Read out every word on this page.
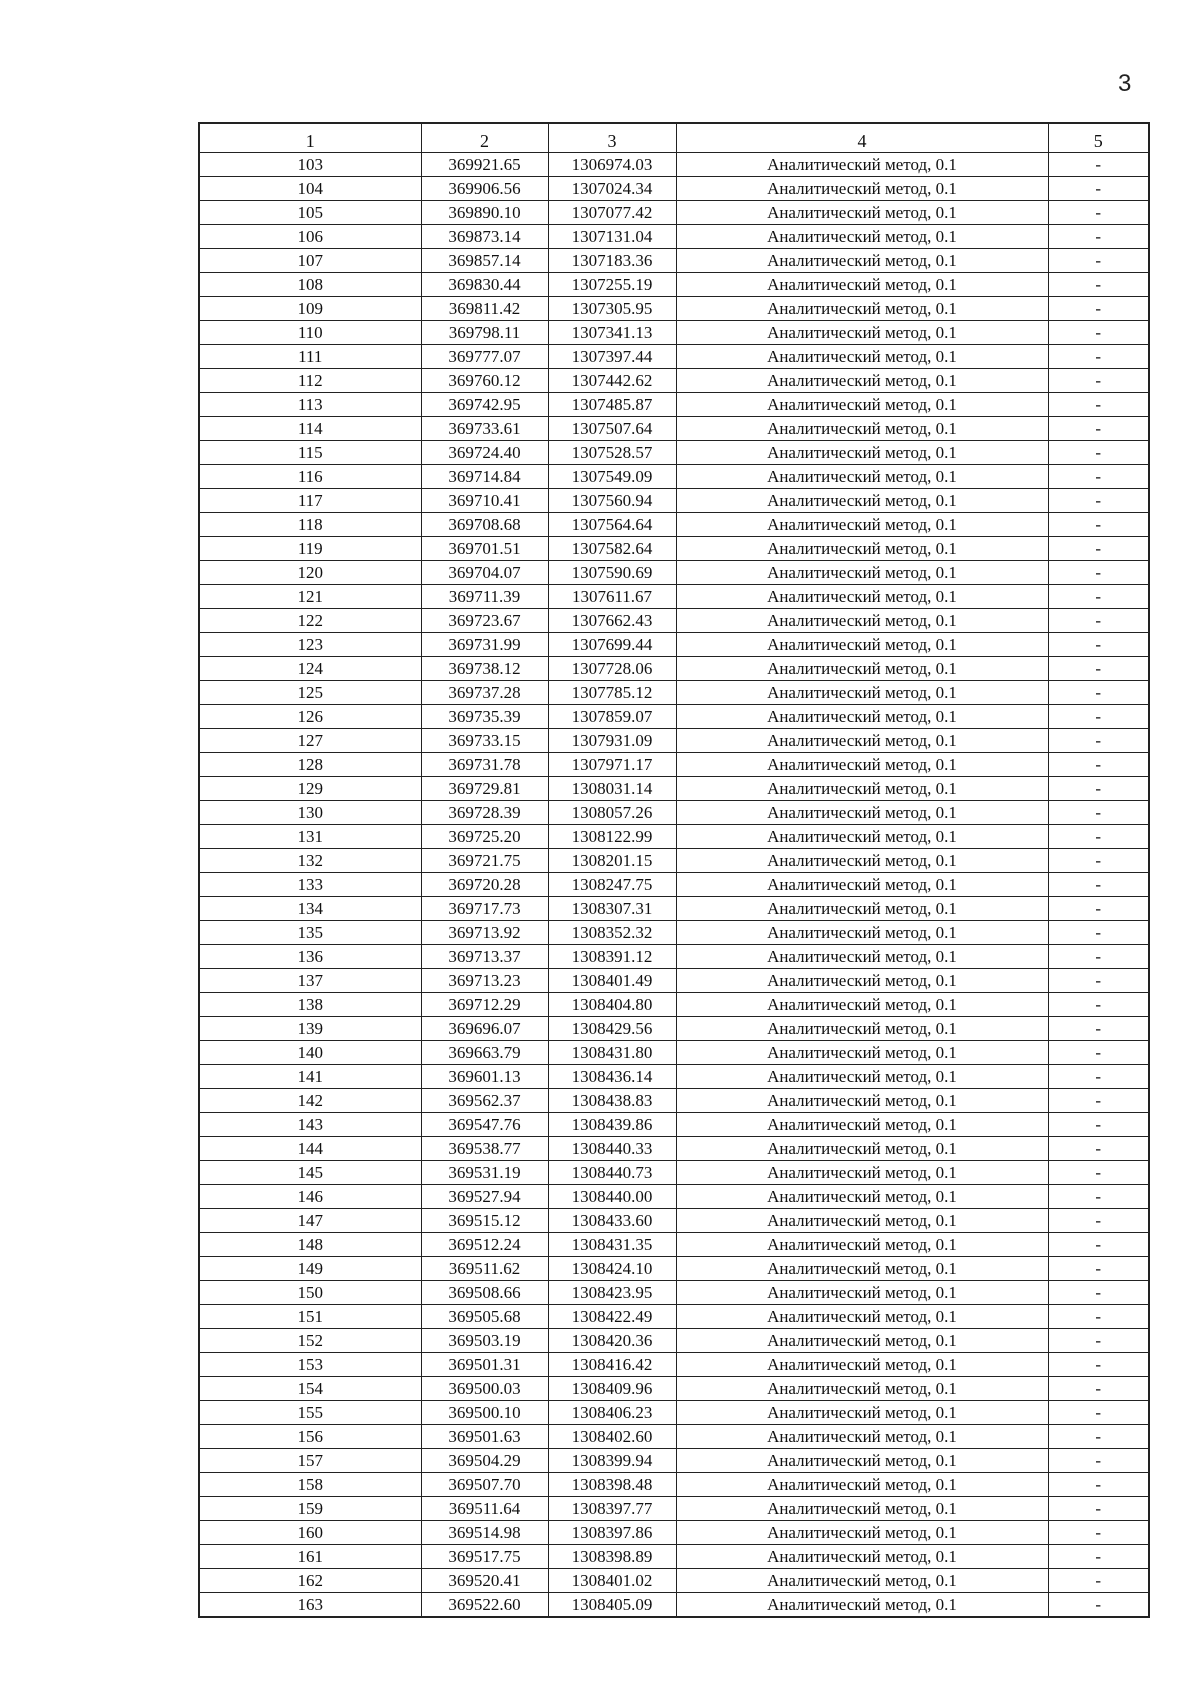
3
1	2	3	4	5
103	369921.65	1306974.03	Аналитический метод, 0.1	-
104	369906.56	1307024.34	Аналитический метод, 0.1	-
105	369890.10	1307077.42	Аналитический метод, 0.1	-
106	369873.14	1307131.04	Аналитический метод, 0.1	-
107	369857.14	1307183.36	Аналитический метод, 0.1	-
108	369830.44	1307255.19	Аналитический метод, 0.1	-
109	369811.42	1307305.95	Аналитический метод, 0.1	-
110	369798.11	1307341.13	Аналитический метод, 0.1	-
111	369777.07	1307397.44	Аналитический метод, 0.1	-
112	369760.12	1307442.62	Аналитический метод, 0.1	-
113	369742.95	1307485.87	Аналитический метод, 0.1	-
114	369733.61	1307507.64	Аналитический метод, 0.1	-
115	369724.40	1307528.57	Аналитический метод, 0.1	-
116	369714.84	1307549.09	Аналитический метод, 0.1	-
117	369710.41	1307560.94	Аналитический метод, 0.1	-
118	369708.68	1307564.64	Аналитический метод, 0.1	-
119	369701.51	1307582.64	Аналитический метод, 0.1	-
120	369704.07	1307590.69	Аналитический метод, 0.1	-
121	369711.39	1307611.67	Аналитический метод, 0.1	-
122	369723.67	1307662.43	Аналитический метод, 0.1	-
123	369731.99	1307699.44	Аналитический метод, 0.1	-
124	369738.12	1307728.06	Аналитический метод, 0.1	-
125	369737.28	1307785.12	Аналитический метод, 0.1	-
126	369735.39	1307859.07	Аналитический метод, 0.1	-
127	369733.15	1307931.09	Аналитический метод, 0.1	-
128	369731.78	1307971.17	Аналитический метод, 0.1	-
129	369729.81	1308031.14	Аналитический метод, 0.1	-
130	369728.39	1308057.26	Аналитический метод, 0.1	-
131	369725.20	1308122.99	Аналитический метод, 0.1	-
132	369721.75	1308201.15	Аналитический метод, 0.1	-
133	369720.28	1308247.75	Аналитический метод, 0.1	-
134	369717.73	1308307.31	Аналитический метод, 0.1	-
135	369713.92	1308352.32	Аналитический метод, 0.1	-
136	369713.37	1308391.12	Аналитический метод, 0.1	-
137	369713.23	1308401.49	Аналитический метод, 0.1	-
138	369712.29	1308404.80	Аналитический метод, 0.1	-
139	369696.07	1308429.56	Аналитический метод, 0.1	-
140	369663.79	1308431.80	Аналитический метод, 0.1	-
141	369601.13	1308436.14	Аналитический метод, 0.1	-
142	369562.37	1308438.83	Аналитический метод, 0.1	-
143	369547.76	1308439.86	Аналитический метод, 0.1	-
144	369538.77	1308440.33	Аналитический метод, 0.1	-
145	369531.19	1308440.73	Аналитический метод, 0.1	-
146	369527.94	1308440.00	Аналитический метод, 0.1	-
147	369515.12	1308433.60	Аналитический метод, 0.1	-
148	369512.24	1308431.35	Аналитический метод, 0.1	-
149	369511.62	1308424.10	Аналитический метод, 0.1	-
150	369508.66	1308423.95	Аналитический метод, 0.1	-
151	369505.68	1308422.49	Аналитический метод, 0.1	-
152	369503.19	1308420.36	Аналитический метод, 0.1	-
153	369501.31	1308416.42	Аналитический метод, 0.1	-
154	369500.03	1308409.96	Аналитический метод, 0.1	-
155	369500.10	1308406.23	Аналитический метод, 0.1	-
156	369501.63	1308402.60	Аналитический метод, 0.1	-
157	369504.29	1308399.94	Аналитический метод, 0.1	-
158	369507.70	1308398.48	Аналитический метод, 0.1	-
159	369511.64	1308397.77	Аналитический метод, 0.1	-
160	369514.98	1308397.86	Аналитический метод, 0.1	-
161	369517.75	1308398.89	Аналитический метод, 0.1	-
162	369520.41	1308401.02	Аналитический метод, 0.1	-
163	369522.60	1308405.09	Аналитический метод, 0.1	-
